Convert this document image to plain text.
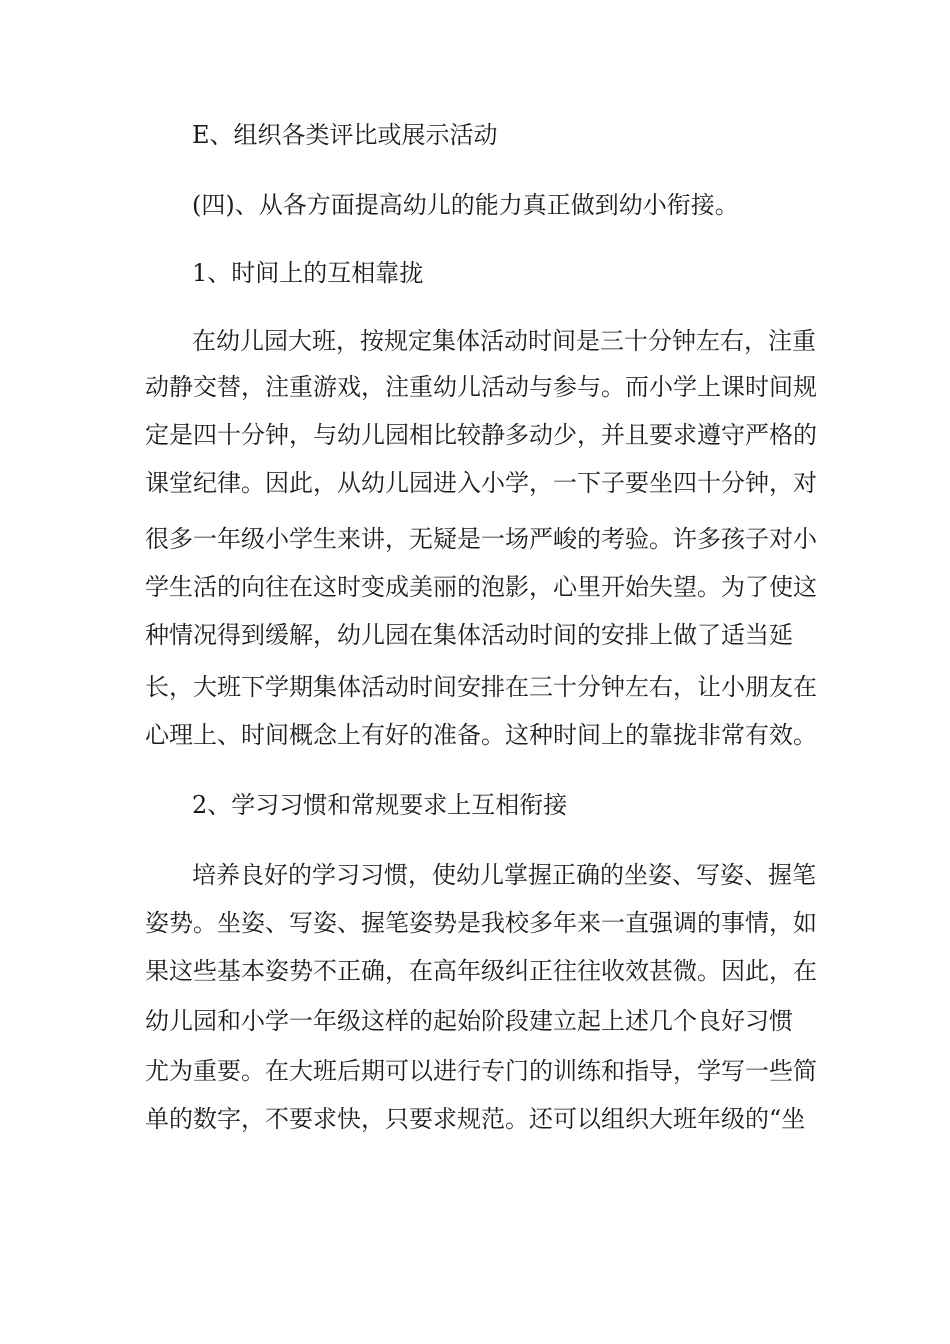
E、组织各类评比或展示活动
(四)、从各方面提高幼儿的能力真正做到幼小衔接。
1、时间上的互相靠拢
在幼儿园大班，按规定集体活动时间是三十分钟左右，注重
动静交替，注重游戏，注重幼儿活动与参与。而小学上课时间规
定是四十分钟，与幼儿园相比较静多动少，并且要求遵守严格的
课堂纪律。因此，从幼儿园进入小学，一下子要坐四十分钟，对
很多一年级小学生来讲，无疑是一场严峻的考验。许多孩子对小
学生活的向往在这时变成美丽的泡影，心里开始失望。为了使这
种情况得到缓解，幼儿园在集体活动时间的安排上做了适当延
长，大班下学期集体活动时间安排在三十分钟左右，让小朋友在
心理上、时间概念上有好的准备。这种时间上的靠拢非常有效。
2、学习习惯和常规要求上互相衔接
培养良好的学习习惯，使幼儿掌握正确的坐姿、写姿、握笔
姿势。坐姿、写姿、握笔姿势是我校多年来一直强调的事情，如
果这些基本姿势不正确，在高年级纠正往往收效甚微。因此，在
幼儿园和小学一年级这样的起始阶段建立起上述几个良好习惯
尤为重要。在大班后期可以进行专门的训练和指导，学写一些简
单的数字，不要求快，只要求规范。还可以组织大班年级的“坐
